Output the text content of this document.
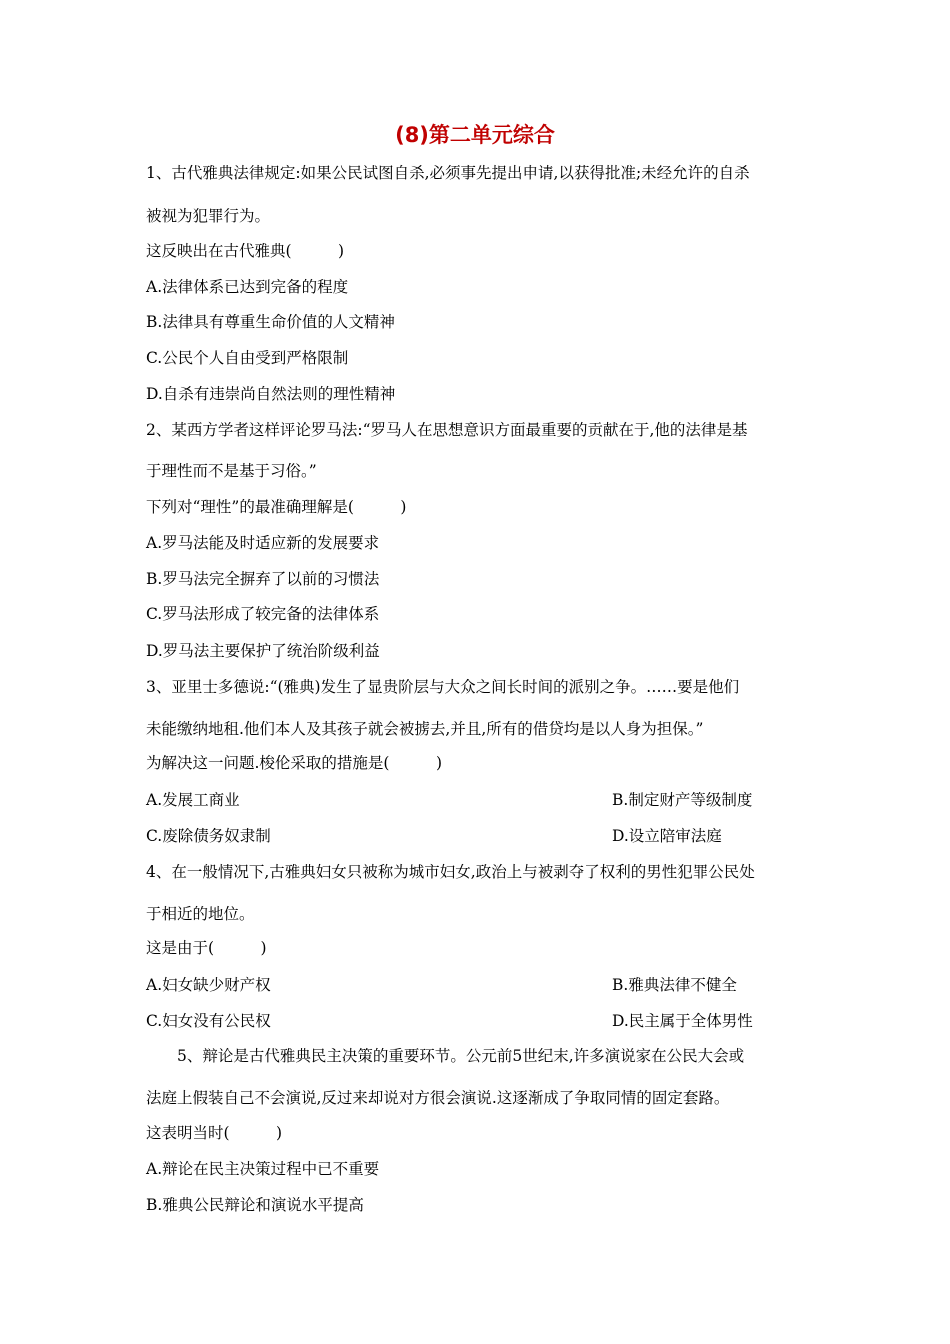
(8)第二单元综合

1、古代雅典法律规定:如果公民试图自杀,必须事先提出申请,以获得批准;未经允许的自杀

被视为犯罪行为。

这反映出在古代雅典(　　　)

A.法律体系已达到完备的程度

B.法律具有尊重生命价值的人文精神

C.公民个人自由受到严格限制

D.自杀有违崇尚自然法则的理性精神

2、某西方学者这样评论罗马法:“罗马人在思想意识方面最重要的贡献在于,他的法律是基

于理性而不是基于习俗。”

下列对“理性”的最准确理解是(　　　)

A.罗马法能及时适应新的发展要求

B.罗马法完全摒弃了以前的习惯法

C.罗马法形成了较完备的法律体系

D.罗马法主要保护了统治阶级利益

3、亚里士多德说:“(雅典)发生了显贵阶层与大众之间长时间的派别之争。……要是他们

未能缴纳地租.他们本人及其孩子就会被掳去,并且,所有的借贷均是以人身为担保。”

为解决这一问题.梭伦采取的措施是(　　　)

A.发展工商业	B.制定财产等级制度

C.废除债务奴隶制	D.设立陪审法庭

4、在一般情况下,古雅典妇女只被称为城市妇女,政治上与被剥夺了权利的男性犯罪公民处

于相近的地位。

这是由于(　　　)

A.妇女缺少财产权	B.雅典法律不健全

C.妇女没有公民权	D.民主属于全体男性

　　5、辩论是古代雅典民主决策的重要环节。公元前5世纪末,许多演说家在公民大会或

法庭上假装自己不会演说,反过来却说对方很会演说.这逐渐成了争取同情的固定套路。

这表明当时(　　　)

A.辩论在民主决策过程中已不重要

B.雅典公民辩论和演说水平提高
